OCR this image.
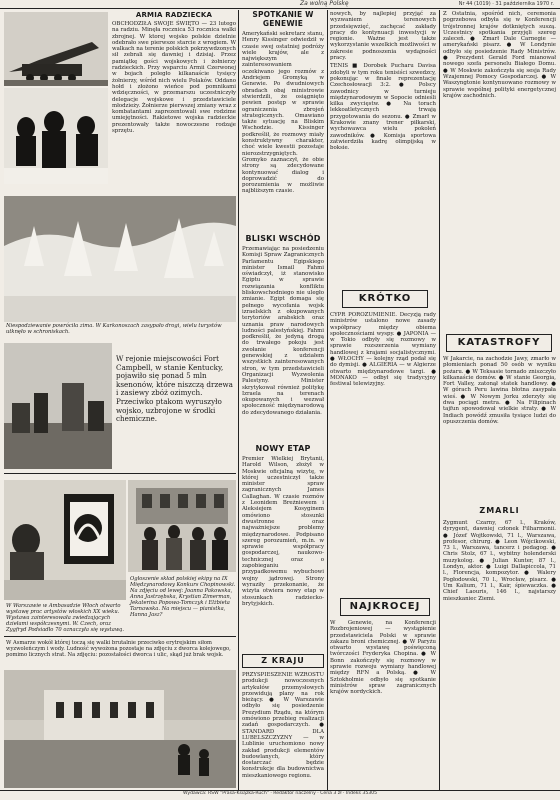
Za wolną Polskę	Nr 44 (1019) · 31 października 1970 r.
ARMIA RADZIECKA

OBCHODZIŁA SWOJE ŚWIĘTO — 23 lutego na radziu. Minęła rocznica 53 rocznica walki zbrojnej. W ktorej wojsko polskie dzielnie odebrało swe pierwsze starcie z wrogiem. W walkach na terenie polskich pokrzywdzonych sił zebrali się dawniej i dzisiaj. Przez pamiątkę gości wojskowych i żołnierzy radzieckich. Przy wsparciu Armii Czerwonej w bojach poległo kilkanaście tysięcy żołnierzy, wśród nich wielu Polaków. Oddano hołd i złożono wieńce pod pomnikami wdzięczności, w przemarszu uczestniczyły delegacje wojskowe i przedstawiciele młodzieży. Żołnierze pierwszej zmiany wraz z kombatantami zaprezentowali swe rodzime umiejętności. Rakietowe wojska radzieckie prezentowały także nowoczesne rodzaje sprzętu.

Niespodziewanie powróciła zima. W Karkonoszach zasypało drogi, wielu turystów utknęło w schroniskach.

W rejonie miejscowości Fort Campbell, w stanie Kentucky, pojawiło się ponad 5 mln ksenonów, które niszczą drzewa i zasiewy zbóż ozimych. Przeciwko ptakom wyruszyło wojsko, uzbrojone w środki chemiczne.

W Warszawie w Ambasadzie Włoch otwarto wystawę prac artystów włoskich XX wieku. Wystawa zainteresowała zwiedzających dziełami współczesnymi. W. Czech, oraz Zygfryd Podsiadło 70 oznaczyła się wystawą.
Ogłoszenie skład polskiej ekipy na IX Międzynarodowy Konkurs Chopinowski. Na zdjęciu od lewej: Joanna Pakowska, Anna Jastrzębska, Krystian Zimerman, Jekaterina Popowa-Tomczyk i Elżbieta Tarnawska. Na miejscu — pianistka, Hanna Jasz?
W Asmarze wokół której toczą się walki brutalnie przeciwko erytrejskim siłom wyzwoleńczym i wody. Ludność wywożona pozostaje na zdjęciu z dworca kolejowego, pomimo licznych strat. Na zdjęciu: pozostałości dworca i ulic, skąd już brak wojsk.
SPOTKANIE W GENEWIE

Amerykański sekretarz stanu, Henry Kissinger odwiedził w czasie swej ostatniej podróży wiele krajów, ale z największym zainteresowaniem oczekiwano jego rozmów z Andriejem Gromyką w Genewie. Po dwudniowych obradach obaj ministrowie stwierdzili, że osiągnięto pewien postęp w sprawie ograniczenia zbrojeń strategicznych. Omawiano także sytuację na Bliskim Wschodzie. Kissinger podkreślił, że rozmowy miały konstruktywny charakter, choć wiele kwestii pozostaje nierozstrzygniętych. Gromyko zaznaczył, że obie strony są zdecydowane kontynuować dialog i doprowadzić do porozumienia w możliwie najbliższym czasie.

BLISKI WSCHÓD

Przemawiając na posiedzeniu Komisji Spraw Zagranicznych Parlamentu Egipskiego minister Ismail Fahmi oświadczył, iż stanowisko Egiptu w sprawie rozwiązania konfliktu bliskowschodniego nie uległo zmianie. Egipt domaga się pełnego wycofania wojsk izraelskich z okupowanych terytoriów arabskich oraz uznania praw narodowych ludności palestyńskiej. Fahmi podkreślił, że jedyną drogą do trwałego pokoju jest zwołanie konferencji genewskiej z udziałem wszystkich zainteresowanych stron, w tym przedstawicieli Organizacji Wyzwolenia Palestyny. Minister skrytykował również politykę Izraela na terenach okupowanych i wezwał społeczność międzynarodową do zdecydowanego działania.

NOWY ETAP

Premier Wielkiej Brytanii, Harold Wilson, złożył w Moskwie oficjalną wizytę, w której uczestniczył także minister spraw zagranicznych James Callaghan. W czasie rozmów z Leonidem Breżniewem i Aleksiejem Kosyginem omówiono stosunki dwustronne oraz najważniejsze problemy międzynarodowe. Podpisano szereg porozumień, m.in. w sprawie współpracy gospodarczej, naukowo-technicznej oraz o zapobieganiu przypadkowemu wybuchowi wojny jądrowej. Strony wyraziły przekonanie, że wizyta otwiera nowy etap w stosunkach radziecko-brytyjskich.

Z KRAJU

PRZYSPIESZENIE WZROSTU produkcji nowoczesnych artykułów przemysłowych przewidują plany na rok bieżący. ● W Warszawie odbyło się posiedzenie Prezydium Rządu, na którym omówiono przebieg realizacji zadań gospodarczych. ● STANDARD DLA LUBELSZCZYZNY — w Lublinie uruchomiono nowy zakład produkcji elementów budowlanych, który dostarczać będzie konstrukcje dla budownictwa mieszkaniowego regionu.

nowych, by najlepiej przyjąć za wyzwaniem terenowych przedsięwzięć, zachęcać zakłady pracy do kontynuacji inwestycji w regionie. Ważne jest także wykorzystanie wszelkich możliwości w zakresie podnoszenia wydajności pracy.

TENIS ■ Dorobek Pucharu Davisa zdobyli w tym roku tenisiści szwedzcy, pokonując w finale reprezentację Czechosłowacji 3:2. ● Polscy zawodnicy w turnieju międzynarodowym w Sopocie odnieśli kilka zwycięstw. ● Na torach lekkoatletycznych trwają przygotowania do sezonu. ● Zmarł w Krakowie znany trener piłkarski, wychowawca wielu pokoleń zawodników. ● Komisja sportowa zatwierdziła kadrę olimpijską w boksie.

KRÓTKO

CYPR POROZUMIENIE. Decyzją rady ministrów ustalono nowe zasady współpracy między obiema społecznościami wyspy. ● JAPONIA — w Tokio odbyły się rozmowy w sprawie rozszerzenia wymiany handlowej z krajami socjalistycznymi. ● WŁOCHY — kolejny rząd podał się do dymisji. ● ALGIERIA — w Algierze otwarto międzynarodowe targi. ● MONAKO — odbył się tradycyjny festiwal telewizyjny.

NAJKROCEJ

W Genewie, na Konferencji Rozbrojeniowej — wystąpienie przedstawiciela Polski w sprawie zakazu broni chemicznej. ● W Paryżu otwarto wystawę poświęconą twórczości Fryderyka Chopina. ● W Bonn zakończyły się rozmowy w sprawie rozwoju wymiany handlowej między RFN a Polską. ● W Sztokholmie odbyło się spotkanie ministrów spraw zagranicznych krajów nordyckich.

Z Ostatnia, spośród nich, ceremonia pogrzebowa odbyła się w Konferencji trójstronnej krajów dotkniętych suszą. Uczestnicy spotkania przyjęli szereg zaleceń. ● Zmarł Dale Carnegie — amerykański pisarz. ● W Londynie odbyło się posiedzenie Rady Ministrów. ● Prezydent Gerald Ford mianował nowego szefa personelu Białego Domu. ● W Moskwie zakończyła się sesja Rady Wzajemnej Pomocy Gospodarczej. ● W Waszyngtonie kontynuowano rozmowy w sprawie wspólnej polityki energetycznej krajów zachodnich.

KATASTROFY

W Jakarcie, na zachodzie Jawy, zmarło w płomieniach ponad 50 osób w wyniku pożaru. ● W Teksasie tornado zniszczyło kilkanaście domów. ● W stanie Georgia, Fort Valley, zatonął statek handlowy. ● W górach Peru lawina błotna zasypała wieś. ● W Nowym Jorku zderzyły się dwa pociągi metra. ● Na Filipinach tajfun spowodował wielkie straty. ● W Indiach powódź zmusiła tysiące ludzi do opuszczenia domów.

ZMARLI

Zygmunt Czarny, 67 l., Kraków, dyrygent, dawniej członek Filharmonii. ● Józef Wojtkowski, 71 l., Warszawa, profesor, chirurg. ● Leon Wójcikowski, 73 l., Warszawa, tancerz i pedagog. ● Chris Stolz, 67 l., wybitny holenderski muzykolog. ● Julian Kunter, 87 l., Londyn, aktor. ● Luigi Dallapiccola, 71 l., Florencja, kompozytor. ● Walery Pogłodowski, 70 l., Wrocław, pisarz. ● Um Kalium, 71 l., Kair, śpiewaczka. ● Chief Laouris, 146 l., najstarszy mieszkaniec Ziemi.

Wydawca: RSW "Prasa-Książka-Ruch" · Redaktor naczelny · Cena 3 zł · Indeks 35305
